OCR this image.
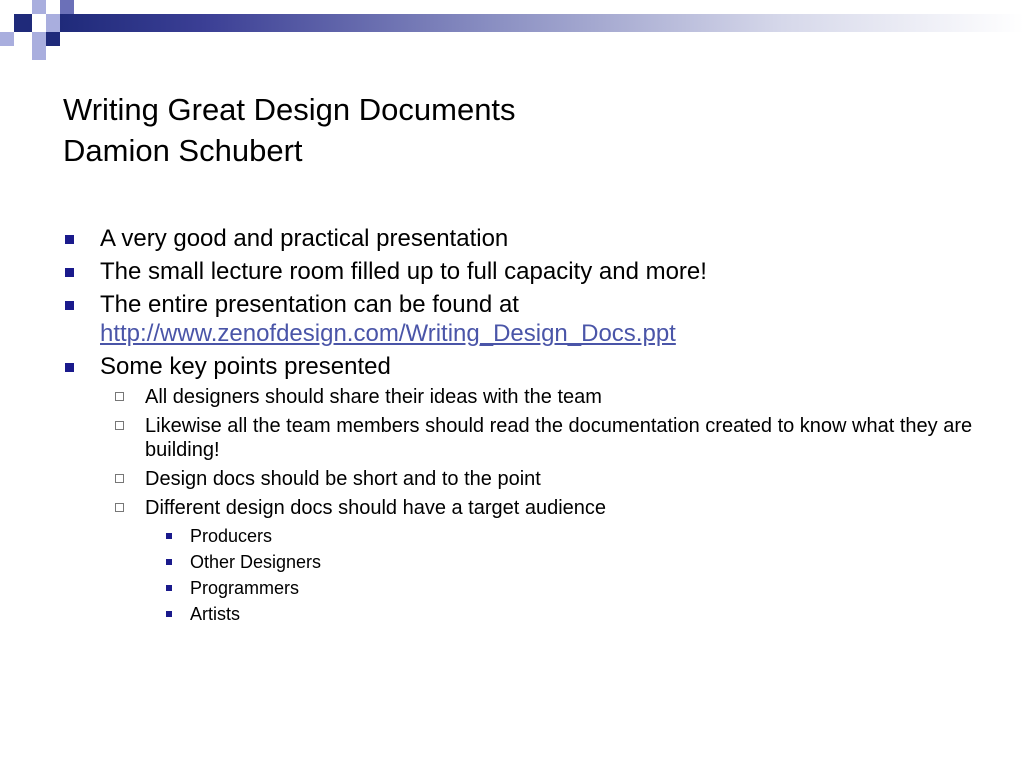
Writing Great Design Documents
Damion Schubert
A very good and practical presentation
The small lecture room filled up to full capacity and more!
The entire presentation can be found at
http://www.zenofdesign.com/Writing_Design_Docs.ppt
Some key points presented
All designers should share their ideas with the team
Likewise all the team members should read the documentation created to know what they are building!
Design docs should be short and to the point
Different design docs should have a target audience
Producers
Other Designers
Programmers
Artists
